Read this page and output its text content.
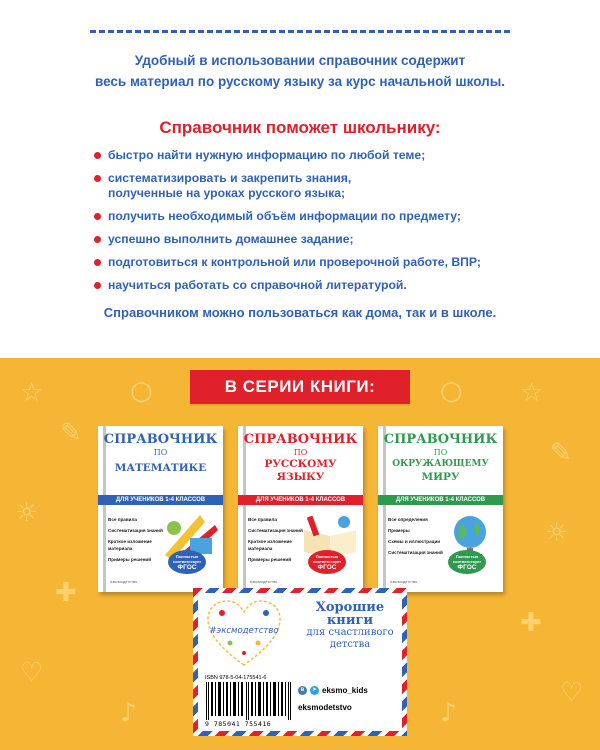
Удобный в использовании справочник содержит
весь материал по русскому языку за курс начальной школы.
Справочник поможет школьнику:
быстро найти нужную информацию по любой теме;
систематизировать и закрепить знания, полученные на уроках русского языка;
получить необходимый объём информации по предмету;
успешно выполнить домашнее задание;
подготовиться к контрольной или проверочной работе, ВПР;
научиться работать со справочной литературой.
Справочником можно пользоваться как дома, так и в школе.
☆
✎
☼
✚
♡
♪
☆
✎
☼
✚
♡
♪
○	○
В СЕРИИ КНИГИ:
СПРАВОЧНИК
ПО
МАТЕМАТИКЕ
ДЛЯ УЧЕНИКОВ 1-4 КЛАССОВ
Все правила
Систематизация знаний
Краткое изложение материала
Примеры решений
Полностью соответствует
ФГОС
#эксмодетство
СПРАВОЧНИК
ПО
РУССКОМУ
ЯЗЫКУ
ДЛЯ УЧЕНИКОВ 1-4 КЛАССОВ
Все правила
Систематизация знаний
Краткое изложение материала
Примеры решений
Полностью соответствует
ФГОС
#эксмодетство
СПРАВОЧНИК
ПО
ОКРУЖАЮЩЕМУ
МИРУ
ДЛЯ УЧЕНИКОВ 1-4 КЛАССОВ
Все определения
Примеры
Схемы и иллюстрации
Систематизация знаний
Полностью соответствует
ФГОС
#эксмодетство
#эксмодетство
Хорошие
книги
для счастливого
детства
ISBN 978-5-04-175541-6
9 785041 755416
в	➤ eksmo_kids
eksmodetstvo
